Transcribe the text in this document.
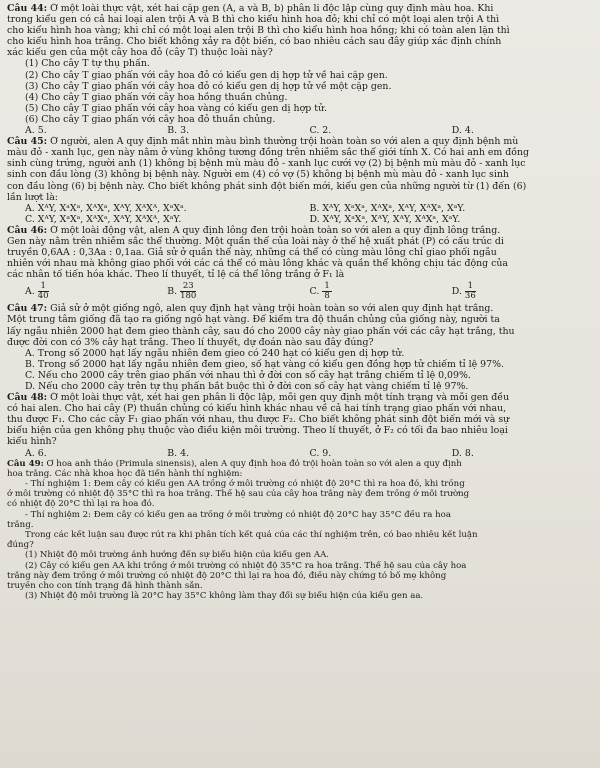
Câu 44: Ở một loài thực vật, xét hai cặp gen (A, a và B, b) phân li độc lập cùng quy định màu hoa. Khi

trong kiểu gen có cả hai loại alen trội A và B thì cho kiểu hình hoa đỏ; khi chỉ có một loại alen trội A thì

cho kiểu hình hoa vàng; khi chỉ có một loại alen trội B thì cho kiểu hình hoa hồng; khi có toàn alen lặn thì

cho kiểu hình hoa trắng. Cho biết không xảy ra đột biến, có bao nhiêu cách sau đây giúp xác định chính

xác kiểu gen của một cây hoa đỏ (cây T) thuộc loài này?

(1) Cho cây T tự thụ phấn.

(2) Cho cây T giao phấn với cây hoa đỏ có kiểu gen dị hợp tử về hai cặp gen.

(3) Cho cây T giao phấn với cây hoa đỏ có kiểu gen dị hợp tử về một cặp gen.

(4) Cho cây T giao phấn với cây hoa hồng thuần chủng.

(5) Cho cây T giao phấn với cây hoa vàng có kiểu gen dị hợp tử.

(6) Cho cây T giao phấn với cây hoa đỏ thuần chủng.

A. 5.	B. 3.	C. 2.	D. 4.

Câu 45: Ở người, alen A quy định mắt nhìn màu bình thường trội hoàn toàn so với alen a quy định bệnh mù

màu đỏ - xanh lục, gen này nằm ở vùng không tương đồng trên nhiễm sắc thể giới tính X. Có hai anh em đồng

sinh cùng trứng, người anh (1) không bị bệnh mù màu đỏ - xanh lục cưới vợ (2) bị bệnh mù màu đỏ - xanh lục

sinh con đầu lòng (3) không bị bệnh này. Người em (4) có vợ (5) không bị bệnh mù màu đỏ - xanh lục sinh

con đầu lòng (6) bị bệnh này. Cho biết không phát sinh đột biến mới, kiểu gen của những người từ (1) đến (6)

lần lượt là:

A. XᴬY, XᵃXᵃ, XᴬXᵃ, XᴬY, XᴬXᴬ, XᵃXᵃ.	B. XᴬY, XᵃXᵃ, XᴬXᵃ, XᴬY, XᴬXᵃ, XᵃY.
C. XᴬY, XᵃXᵃ, XᴬXᵃ, XᴬY, XᴬXᴬ, XᵃY.	D. XᴬY, XᵃXᵃ, XᴬY, XᴬY, XᴬXᵃ, XᵃY.

Câu 46: Ở một loài động vật, alen A quy định lông đen trội hoàn toàn so với alen a quy định lông trắng.

Gen này nằm trên nhiễm sắc thể thường. Một quần thể của loài này ở thế hệ xuất phát (P) có cấu trúc di

truyền 0,6AA : 0,3Aa : 0,1aa. Giả sử ở quần thể này, những cá thể có cùng màu lông chỉ giao phối ngẫu

nhiên với nhau mà không giao phối với các cá thể có màu lông khác và quần thể không chịu tác động của

các nhân tố tiến hóa khác. Theo lí thuyết, tỉ lệ cá thể lông trắng ở F₁ là

A. $\frac{1}{40}$	B. $\frac{23}{180}$	C. $\frac{1}{8}$	D. $\frac{1}{36}$

Câu 47: Giả sử ở một giống ngô, alen quy định hạt vàng trội hoàn toàn so với alen quy định hạt trắng.

Một trung tâm giống đã tạo ra giống ngô hạt vàng. Để kiểm tra độ thuần chủng của giống này, người ta

lấy ngẫu nhiên 2000 hạt đem gieo thành cây, sau đó cho 2000 cây này giao phấn với các cây hạt trắng, thu

được đời con có 3% cây hạt trắng. Theo lí thuyết, dự đoán nào sau đây đúng?

A. Trong số 2000 hạt lấy ngẫu nhiên đem gieo có 240 hạt có kiểu gen dị hợp tử.

B. Trong số 2000 hạt lấy ngẫu nhiên đem gieo, số hạt vàng có kiểu gen đồng hợp tử chiếm tỉ lệ 97%.

C. Nếu cho 2000 cây trên giao phấn với nhau thì ở đời con số cây hạt trắng chiếm tỉ lệ 0,09%.

D. Nếu cho 2000 cây trên tự thụ phấn bắt buộc thì ở đời con số cây hạt vàng chiếm tỉ lệ 97%.

Câu 48: Ở một loài thực vật, xét hai gen phân li độc lập, mỗi gen quy định một tính trạng và mỗi gen đều

có hai alen. Cho hai cây (P) thuần chủng có kiểu hình khác nhau về cả hai tính trạng giao phấn với nhau,

thu được F₁. Cho các cây F₁ giao phấn với nhau, thu được F₂. Cho biết không phát sinh đột biến mới và sự

biểu hiện của gen không phụ thuộc vào điều kiện môi trường. Theo lí thuyết, ở F₂ có tối đa bao nhiêu loại

kiểu hình?

A. 6.	B. 4.	C. 9.	D. 8.

Câu 49: Ở hoa anh thảo (Primula sinensis), alen A quy định hoa đỏ trội hoàn toàn so với alen a quy định

hoa trắng. Các nhà khoa học đã tiến hành thí nghiệm:

- Thí nghiệm 1: Đem cây có kiểu gen AA trồng ở môi trường có nhiệt độ 20°C thì ra hoa đỏ, khi trồng

ở môi trường có nhiệt độ 35°C thì ra hoa trắng. Thế hệ sau của cây hoa trắng này đem trồng ở môi trường

có nhiệt độ 20°C thì lại ra hoa đỏ.

- Thí nghiệm 2: Đem cây có kiểu gen aa trồng ở môi trường có nhiệt độ 20°C hay 35°C đều ra hoa

trắng.

Trong các kết luận sau được rút ra khi phân tích kết quả của các thí nghiệm trên, có bao nhiêu kết luận

đúng?

(1) Nhiệt độ môi trường ảnh hưởng đến sự biểu hiện của kiểu gen AA.

(2) Cây có kiểu gen AA khi trồng ở môi trường có nhiệt độ 35°C ra hoa trắng. Thế hệ sau của cây hoa

trắng này đem trồng ở môi trường có nhiệt độ 20°C thì lại ra hoa đỏ, điều này chứng tỏ bố mẹ không

truyền cho con tính trạng đã hình thành sẵn.

(3) Nhiệt độ môi trường là 20°C hay 35°C không làm thay đổi sự biểu hiện của kiểu gen aa.
